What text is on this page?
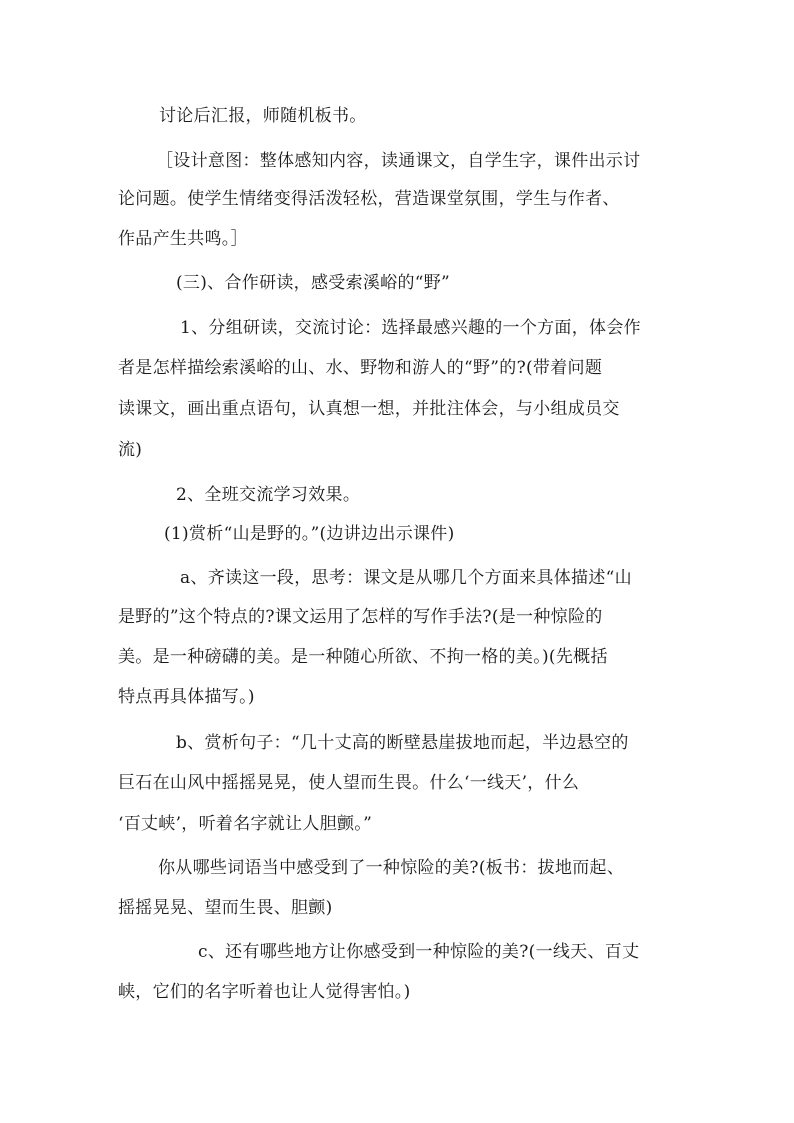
讨论后汇报，师随机板书。
［设计意图：整体感知内容，读通课文，自学生字，课件出示讨
论问题。使学生情绪变得活泼轻松，营造课堂氛围，学生与作者、
作品产生共鸣。］
(三)、合作研读，感受索溪峪的“野”
1、分组研读，交流讨论：选择最感兴趣的一个方面，体会作
者是怎样描绘索溪峪的山、水、野物和游人的“野”的?(带着问题
读课文，画出重点语句，认真想一想，并批注体会，与小组成员交
流)
2、全班交流学习效果。
(1)赏析“山是野的。”(边讲边出示课件)
a、齐读这一段，思考：课文是从哪几个方面来具体描述“山
是野的”这个特点的?课文运用了怎样的写作手法?(是一种惊险的
美。是一种磅礴的美。是一种随心所欲、不拘一格的美。)(先概括
特点再具体描写。)
b、赏析句子：“几十丈高的断壁悬崖拔地而起，半边悬空的
巨石在山风中摇摇晃晃，使人望而生畏。什么‘一线天’，什么
‘百丈峡’，听着名字就让人胆颤。”
你从哪些词语当中感受到了一种惊险的美?(板书：拔地而起、
摇摇晃晃、望而生畏、胆颤)
c、还有哪些地方让你感受到一种惊险的美?(一线天、百丈
峡，它们的名字听着也让人觉得害怕。)
